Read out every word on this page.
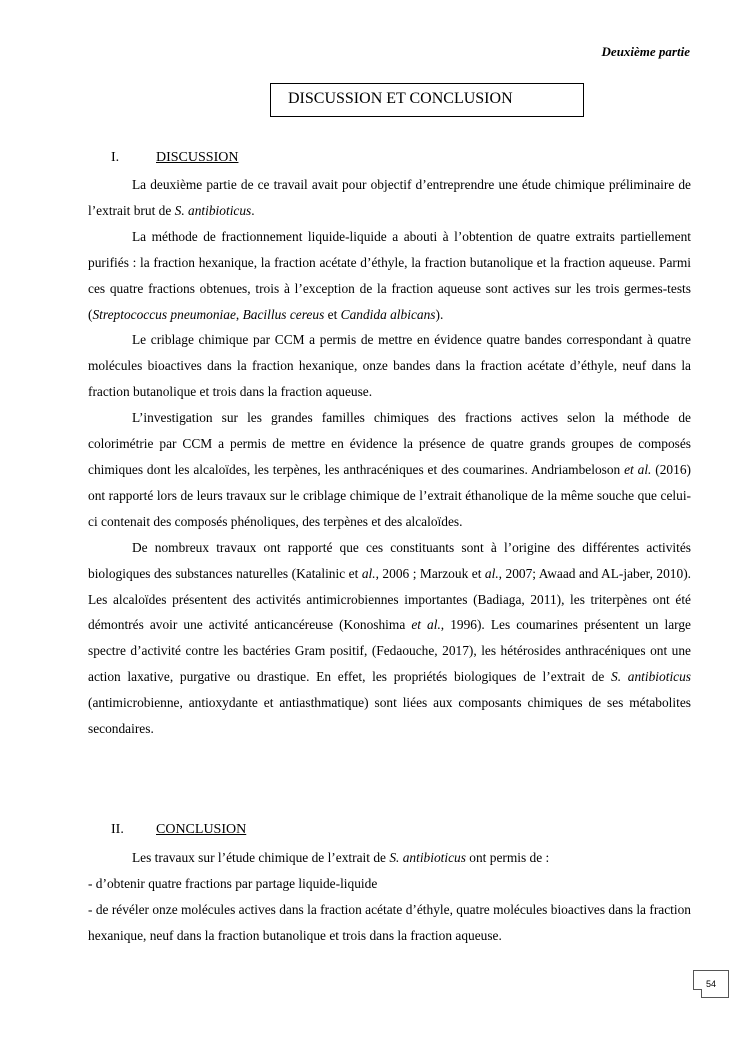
Deuxième partie
DISCUSSION ET CONCLUSION
I.	DISCUSSION

La deuxième partie de ce travail avait pour objectif d’entreprendre une étude chimique préliminaire de l’extrait brut de S. antibioticus.

La méthode de fractionnement liquide-liquide a abouti à l’obtention de quatre extraits partiellement purifiés : la fraction hexanique, la fraction acétate d’éthyle, la fraction butanolique et la fraction aqueuse. Parmi ces quatre fractions obtenues, trois à l’exception de la fraction aqueuse sont actives sur les trois germes-tests (Streptococcus pneumoniae, Bacillus cereus et Candida albicans).

Le criblage chimique par CCM a permis de mettre en évidence quatre bandes correspondant à quatre molécules bioactives dans la fraction hexanique, onze bandes dans la fraction acétate d’éthyle, neuf dans la fraction butanolique et trois dans la fraction aqueuse.

L’investigation sur les grandes familles chimiques des fractions actives selon la méthode de colorimétrie par CCM a permis de mettre en évidence la présence de quatre grands groupes de composés chimiques dont les alcaloïdes, les terpènes, les anthracéniques et des coumarines. Andriambeloson et al. (2016) ont rapporté lors de leurs travaux sur le criblage chimique de l’extrait éthanolique de la même souche que celui-ci contenait des composés phénoliques, des terpènes et des alcaloïdes.

De nombreux travaux ont rapporté que ces constituants sont à l’origine des différentes activités biologiques des substances naturelles (Katalinic et al., 2006 ; Marzouk et al., 2007; Awaad and AL-jaber, 2010). Les alcaloïdes présentent des activités antimicrobiennes importantes (Badiaga, 2011), les triterpènes ont été démontrés avoir une activité anticancéreuse (Konoshima et al., 1996). Les coumarines présentent un large spectre d’activité contre les bactéries Gram positif, (Fedaouche, 2017), les hétérosides anthracéniques ont une action laxative, purgative ou drastique. En effet, les propriétés biologiques de l’extrait de S. antibioticus (antimicrobienne, antioxydante et antiasthmatique) sont liées aux composants chimiques de ses métabolites secondaires.

II. CONCLUSION

Les travaux sur l’étude chimique de l’extrait de S. antibioticus ont permis de :

- d’obtenir quatre fractions par partage liquide-liquide

- de révéler onze molécules actives dans la fraction acétate d’éthyle, quatre molécules bioactives dans la fraction hexanique, neuf dans la fraction butanolique et trois dans la fraction aqueuse.

54
